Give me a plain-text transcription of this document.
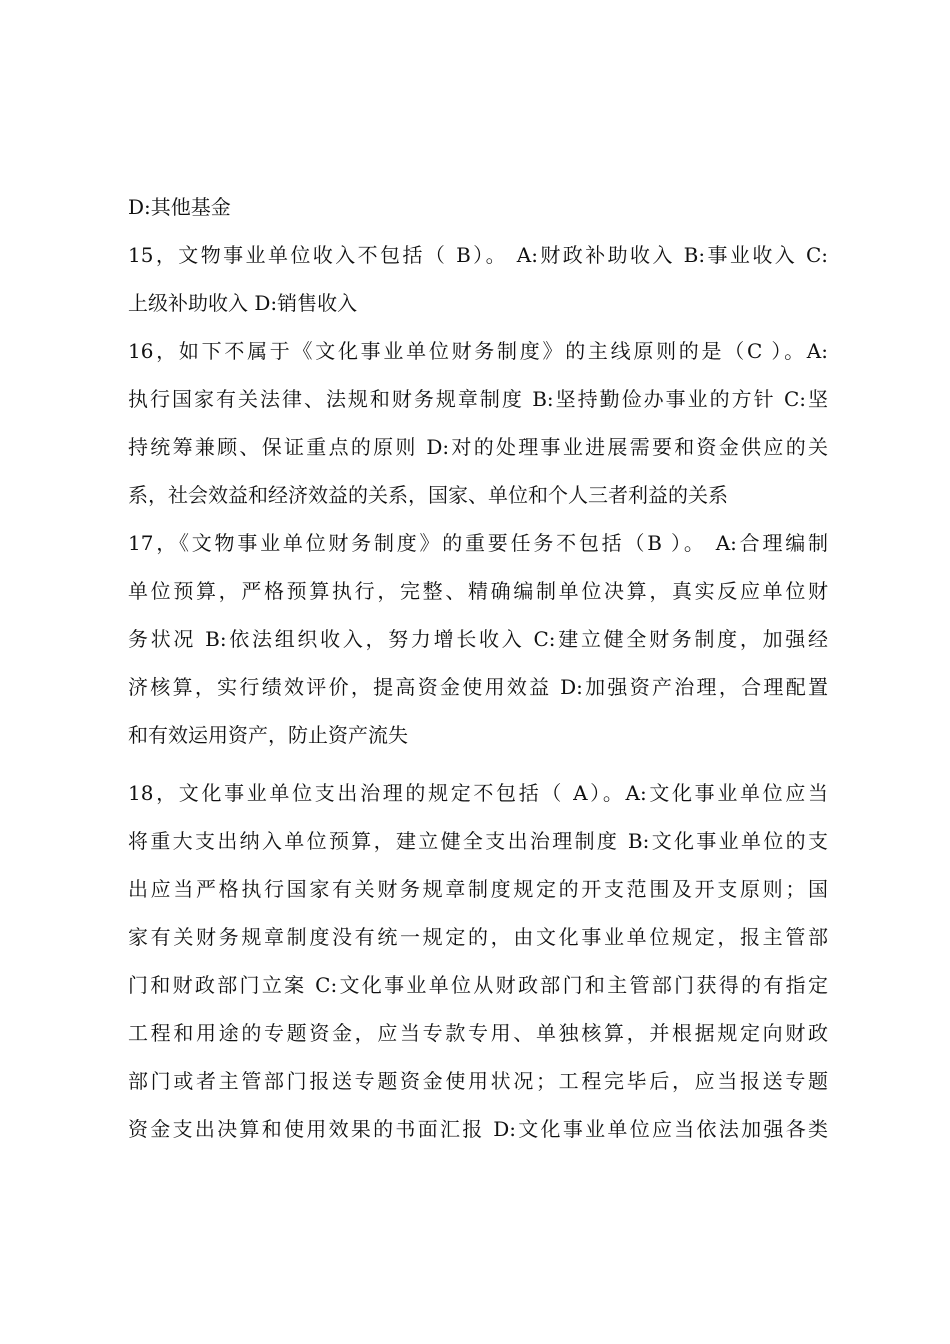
D:其他基金
15，文物事业单位收入不包括（ B）。 A:财政补助收入 B:事业收入 C:
上级补助收入 D:销售收入
16，如下不属于《文化事业单位财务制度》的主线原则的是（C ）。A:
执行国家有关法律、法规和财务规章制度 B:坚持勤俭办事业的方针 C:坚
持统筹兼顾、保证重点的原则 D:对的处理事业进展需要和资金供应的关
系，社会效益和经济效益的关系，国家、单位和个人三者利益的关系
17，《文物事业单位财务制度》的重要任务不包括（B ）。 A:合理编制
单位预算，严格预算执行，完整、精确编制单位决算，真实反应单位财
务状况 B:依法组织收入，努力增长收入 C:建立健全财务制度，加强经
济核算，实行绩效评价，提高资金使用效益 D:加强资产治理，合理配置
和有效运用资产，防止资产流失
18，文化事业单位支出治理的规定不包括（ A）。A:文化事业单位应当
将重大支出纳入单位预算，建立健全支出治理制度 B:文化事业单位的支
出应当严格执行国家有关财务规章制度规定的开支范围及开支原则；国
家有关财务规章制度没有统一规定的，由文化事业单位规定，报主管部
门和财政部门立案 C:文化事业单位从财政部门和主管部门获得的有指定
工程和用途的专题资金，应当专款专用、单独核算，并根据规定向财政
部门或者主管部门报送专题资金使用状况；工程完毕后，应当报送专题
资金支出决算和使用效果的书面汇报 D:文化事业单位应当依法加强各类
